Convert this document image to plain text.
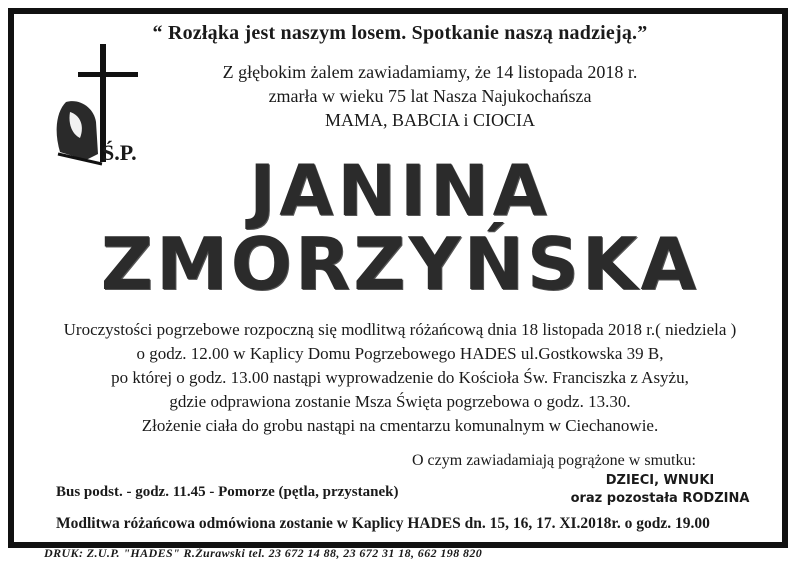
“ Rozłąka jest naszym losem. Spotkanie naszą nadzieją.”
Z głębokim żalem zawiadamiamy, że 14 listopada 2018 r.
zmarła w wieku 75 lat Nasza Najukochańsza
MAMA, BABCIA i CIOCIA
Ś.P.	JANINA
ZMORZYŃSKA
Uroczystości pogrzebowe rozpoczną się modlitwą różańcową dnia 18 listopada 2018 r.( niedziela )
o godz. 12.00 w Kaplicy Domu Pogrzebowego HADES ul.Gostkowska 39 B,
po której o godz. 13.00 nastąpi wyprowadzenie do Kościoła Św. Franciszka z Asyżu,
gdzie odprawiona zostanie Msza Święta pogrzebowa o godz. 13.30.
Złożenie ciała do grobu nastąpi na cmentarzu komunalnym w Ciechanowie.
O czym zawiadamiają pogrążone w smutku:
DZIECI, WNUKI
oraz pozostała RODZINA
Bus podst. - godz. 11.45 - Pomorze (pętla, przystanek)
Modlitwa różańcowa odmówiona zostanie w Kaplicy HADES dn. 15, 16, 17. XI.2018r. o godz. 19.00
DRUK: Z.U.P. "HADES" R.Żurawski tel. 23 672 14 88, 23 672 31 18, 662 198 820
